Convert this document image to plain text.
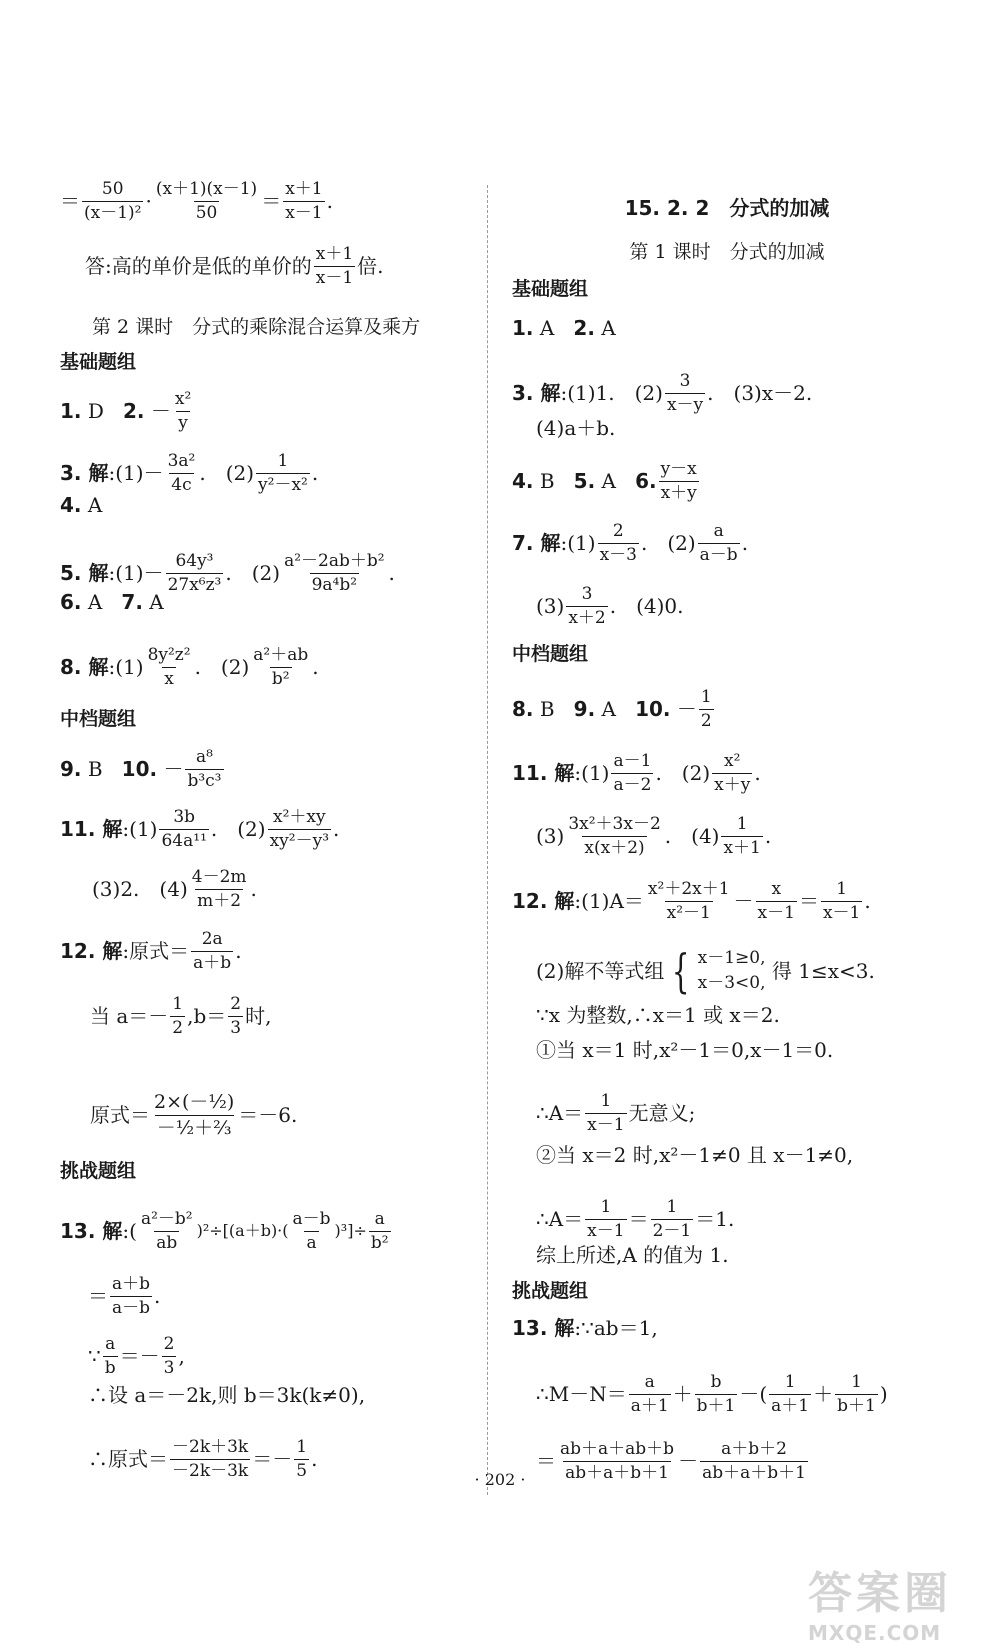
＝ $\frac{50}{\text{(x－1)²}} \cdot \frac{(x+1)(x-1)}{50} = \frac{x+1}{x-1}$ .
答:高的单价是低的单价的 $\frac{x+1}{x-1}$ 倍.
第 2 课时　分式的乘除混合运算及乘方
基础题组
1.
D
2.
－ $\frac{\text{x²}}{y}$
3. 解 :(1)－ $\frac{\text{3a²}}{4c}$ .　$(2) \frac{1}{\text{y²－x²}}$ .
4.
A
5. 解 :(1)－ $\frac{\text{64y³}}{\text{27x⁶z³}}$ .　$(2) \frac{\text{a²－2ab＋b²}}{\text{9a⁴b²}}$ .
6.
A
7.
A
8. 解 :(1) $\frac{\text{8y²z²}}{x}$ .　$(2) \frac{\text{a²＋ab}}{\text{b²}}$ .
中档题组
9.
B
10.
－ $\frac{\text{a⁸}}{\text{b³c³}}$
11. 解 :(1) $\frac{3b}{\text{64a¹¹}}$ .　$(2) \frac{\text{x²＋xy}}{\text{xy²－y³}}$ .
(3)2.　$(4) \frac{4-2m}{m+2}$ .
12. 解 :原式＝ $\frac{2a}{a+b}$ .
当 $a=- \frac{1}{2} ,b= \frac{2}{3}$ 时,
原式＝ $\frac{\text{2×(－½)}}{\text{－½＋⅔}} =-6$.
挑战题组
13. 解 :( $\frac{\text{a²－b²}}{ab} )^2\div[(a+b)\cdot( \frac{a-b}{a} )^3]\div \frac{a}{\text{b²}}$
＝ $\frac{a+b}{a-b}$ .
∵ $\frac{a}{b} =- \frac{2}{3}$ ,
∴设 a＝－2k,则 b＝3k(k≠0),
∴原式＝ $\frac{-2k+3k}{-2k-3k} =- \frac{1}{5}$ .
15. 2. 2　分式的加减
第 1 课时　分式的加减
基础题组
1.
A
2.
A
3. 解 :(1)1.　$(2) \frac{3}{x-y}$ .　(3)x－2.
(4)a＋b.
4.
B
5.
A
6. $\frac{y-x}{x+y}$
7. 解 :(1) $\frac{2}{x-3}$ .　$(2) \frac{a}{a-b}$ .
$(3) \frac{3}{x+2}$ .　(4)0.
中档题组
8.
B
9.
A
10.
－ $\frac{1}{2}$
11. 解 :(1) $\frac{a-1}{a-2}$ .　$(2) \frac{\text{x²}}{x+y}$ .
$(3) \frac{\text{3x²＋3x－2}}{x(x+2)}$ .　$(4) \frac{1}{x+1}$ .
12. 解 :(1)A＝ $\frac{\text{x²＋2x＋1}}{\text{x²－1}} - \frac{x}{x-1} = \frac{1}{x-1}$ .
(2)解不等式组 { x－1≥0,
x－3<0,
得 1≤x<3.
∵x 为整数,∴x＝1 或 x＝2.
①当 x＝1 时,x²－1＝0,x－1＝0.
∴A＝ $\frac{1}{x-1}$ 无意义;
②当 x＝2 时,x²－1≠0 且 x－1≠0,
∴A＝ $\frac{1}{x-1} = \frac{1}{2-1} =1$.
综上所述,A 的值为 1.
挑战题组
13. 解 :∵ab＝1,
∴M－N＝ $\frac{a}{a+1} + \frac{b}{b+1}$ －( $\frac{1}{a+1} + \frac{1}{b+1}$ )
＝ $\frac{ab+a+ab+b}{ab+a+b+1} - \frac{a+b+2}{ab+a+b+1}$
· 202 ·
答案圈
MXQE.COM
